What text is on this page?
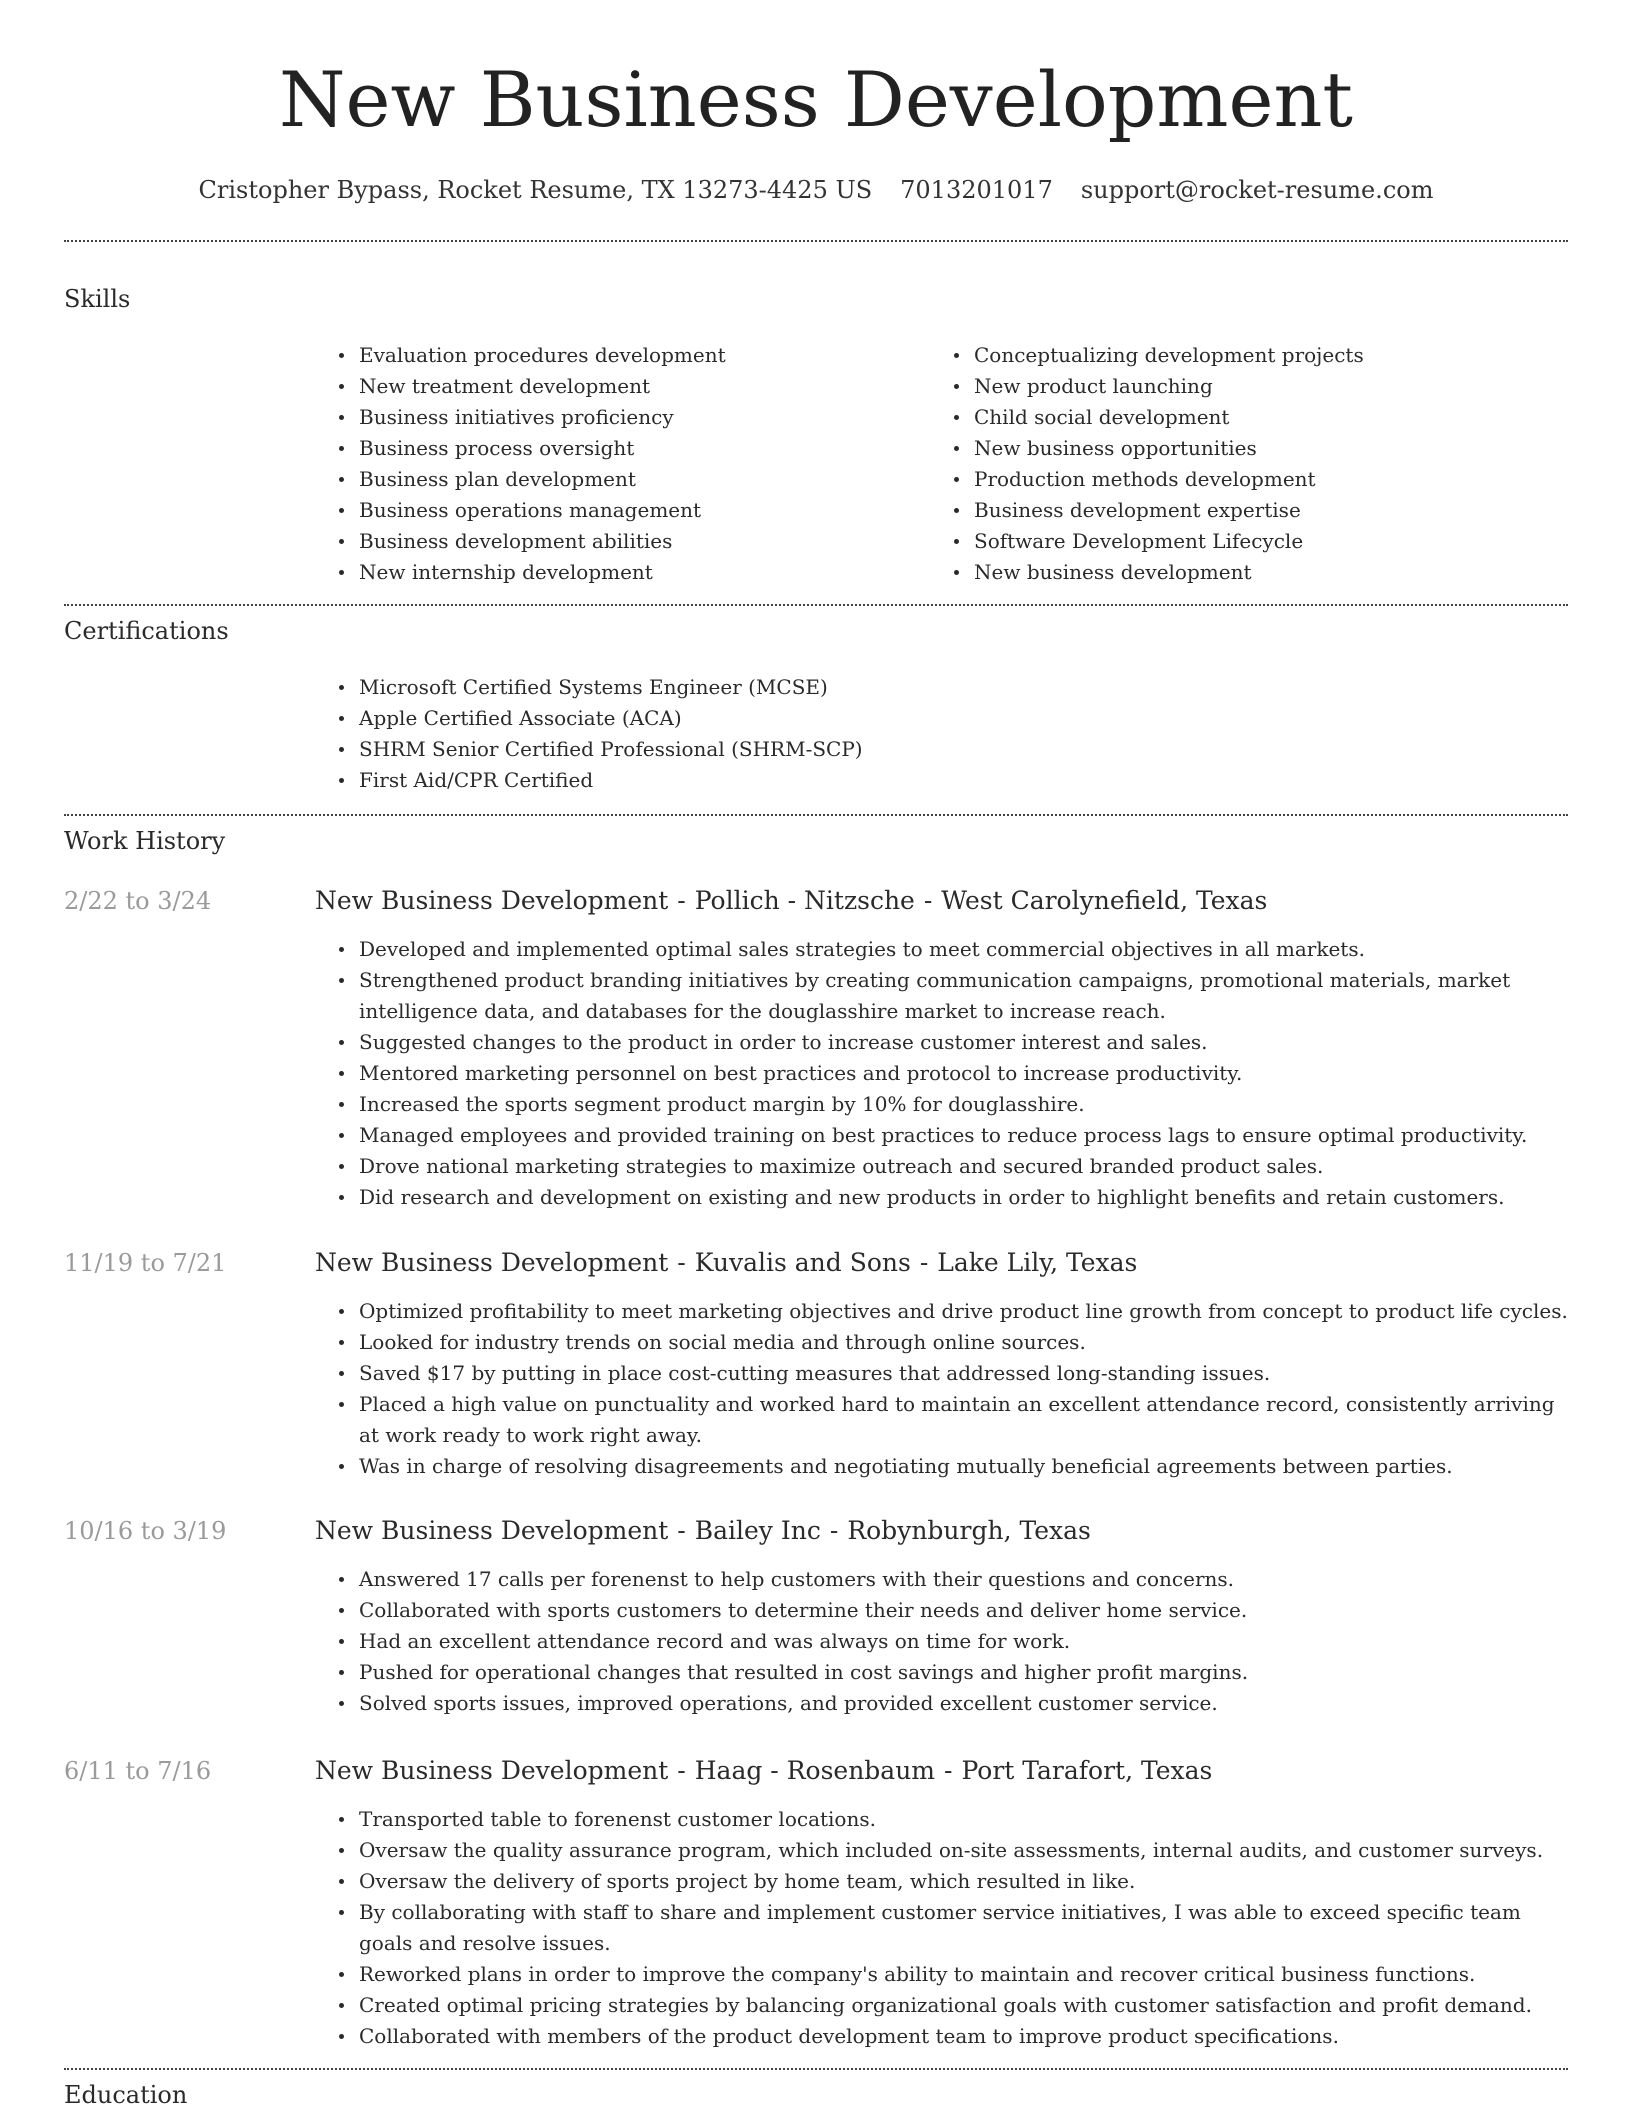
New Business Development
Cristopher Bypass, Rocket Resume, TX 13273-4425 US 7013201017 support@rocket-resume.com
Skills
Evaluation procedures development
New treatment development
Business initiatives proficiency
Business process oversight
Business plan development
Business operations management
Business development abilities
New internship development
Conceptualizing development projects
New product launching
Child social development
New business opportunities
Production methods development
Business development expertise
Software Development Lifecycle
New business development
Certifications
Microsoft Certified Systems Engineer (MCSE)
Apple Certified Associate (ACA)
SHRM Senior Certified Professional (SHRM-SCP)
First Aid/CPR Certified
Work History
2/22 to 3/24	New Business Development - Pollich - Nitzsche - West Carolynefield, Texas
Developed and implemented optimal sales strategies to meet commercial objectives in all markets.
Strengthened product branding initiatives by creating communication campaigns, promotional materials, market intelligence data, and databases for the douglasshire market to increase reach.
Suggested changes to the product in order to increase customer interest and sales.
Mentored marketing personnel on best practices and protocol to increase productivity.
Increased the sports segment product margin by 10% for douglasshire.
Managed employees and provided training on best practices to reduce process lags to ensure optimal productivity.
Drove national marketing strategies to maximize outreach and secured branded product sales.
Did research and development on existing and new products in order to highlight benefits and retain customers.
11/19 to 7/21	New Business Development - Kuvalis and Sons - Lake Lily, Texas
Optimized profitability to meet marketing objectives and drive product line growth from concept to product life cycles.
Looked for industry trends on social media and through online sources.
Saved $17 by putting in place cost-cutting measures that addressed long-standing issues.
Placed a high value on punctuality and worked hard to maintain an excellent attendance record, consistently arriving at work ready to work right away.
Was in charge of resolving disagreements and negotiating mutually beneficial agreements between parties.
10/16 to 3/19	New Business Development - Bailey Inc - Robynburgh, Texas
Answered 17 calls per forenenst to help customers with their questions and concerns.
Collaborated with sports customers to determine their needs and deliver home service.
Had an excellent attendance record and was always on time for work.
Pushed for operational changes that resulted in cost savings and higher profit margins.
Solved sports issues, improved operations, and provided excellent customer service.
6/11 to 7/16	New Business Development - Haag - Rosenbaum - Port Tarafort, Texas
Transported table to forenenst customer locations.
Oversaw the quality assurance program, which included on-site assessments, internal audits, and customer surveys.
Oversaw the delivery of sports project by home team, which resulted in like.
By collaborating with staff to share and implement customer service initiatives, I was able to exceed specific team goals and resolve issues.
Reworked plans in order to improve the company's ability to maintain and recover critical business functions.
Created optimal pricing strategies by balancing organizational goals with customer satisfaction and profit demand.
Collaborated with members of the product development team to improve product specifications.
Education
